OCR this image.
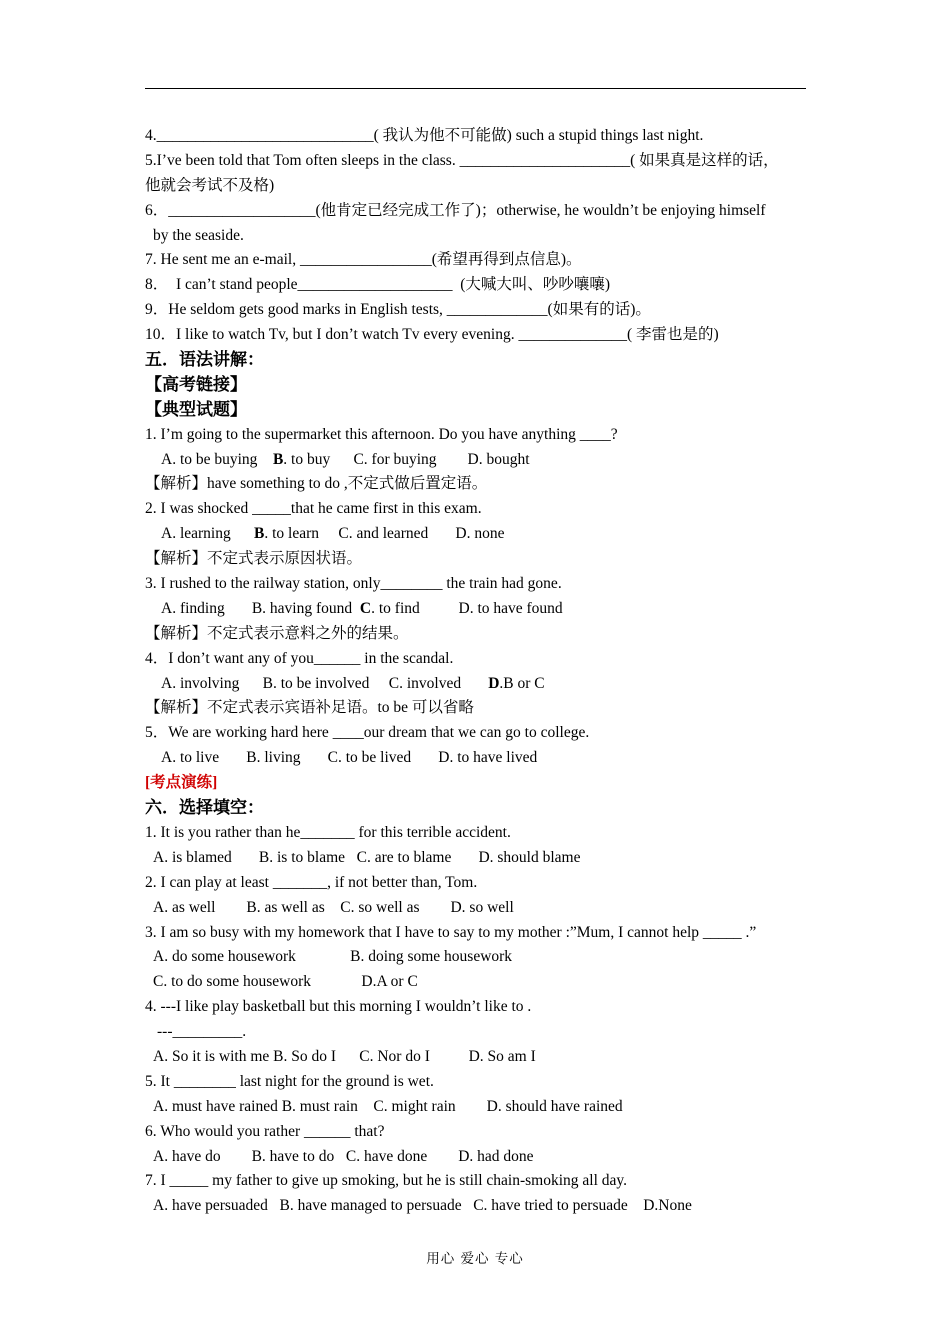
4.____________________________( 我认为他不可能做) such a stupid things last night.
5.I’ve been told that Tom often sleeps in the class. ______________________( 如果真是这样的话，
他就会考试不及格)
6．___________________(他肯定已经完成工作了)；otherwise, he wouldn’t be enjoying himself
by the seaside.
7. He sent me an e-mail, _________________(希望再得到点信息)。
8．  I can’t stand people____________________  (大喊大叫、吵吵嚷嚷)
9．He seldom gets good marks in English tests, _____________(如果有的话)。
10．I like to watch Tv, but I don’t watch Tv every evening. ______________( 李雷也是的)
五．语法讲解：
【高考链接】
【典型试题】
1. I’m going to the supermarket this afternoon. Do you have anything ____?
A. to be buying    B. to buy      C. for buying        D. bought
【解析】have something to do ,不定式做后置定语。
2. I was shocked _____that he came first in this exam.
A. learning      B. to learn     C. and learned       D. none
【解析】不定式表示原因状语。
3. I rushed to the railway station, only________ the train had gone.
A. finding       B. having found  C. to find          D. to have found
【解析】不定式表示意料之外的结果。
4．I don’t want any of you______ in the scandal.
A. involving      B. to be involved     C. involved       D.B or C
【解析】不定式表示宾语补足语。to be 可以省略
5．We are working hard here ____our dream that we can go to college.
A. to live       B. living       C. to be lived       D. to have lived
[考点演练]
六．选择填空：
1. It is you rather than he_______ for this terrible accident.
A. is blamed       B. is to blame   C. are to blame       D. should blame
2. I can play at least _______, if not better than, Tom.
A. as well        B. as well as    C. so well as        D. so well
3. I am so busy with my homework that I have to say to my mother :”Mum, I cannot help _____ .”
A. do some housework              B. doing some housework
C. to do some housework             D.A or C
4. ---I like play basketball but this morning I wouldn’t like to .
---_________.
A. So it is with me B. So do I      C. Nor do I          D. So am I
5. It ________ last night for the ground is wet.
A. must have rained B. must rain    C. might rain        D. should have rained
6. Who would you rather ______ that?
A. have do        B. have to do   C. have done        D. had done
7. I _____ my father to give up smoking, but he is still chain-smoking all day.
A. have persuaded   B. have managed to persuade   C. have tried to persuade    D.None
用心 爱心 专心
